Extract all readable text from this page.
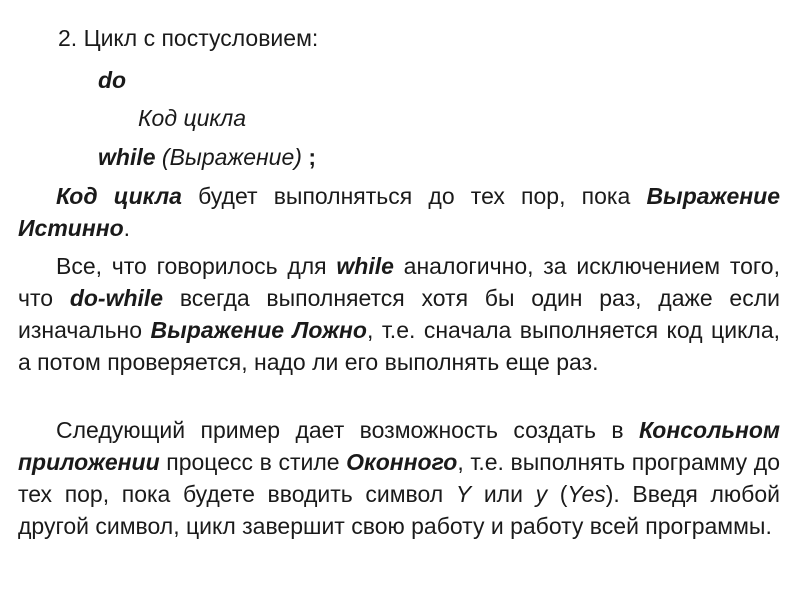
2. Цикл с постусловием:
do
Код цикла
while (Выражение) ;

Код цикла будет выполняться до тех пор, пока Выражение Истинно.

Все, что говорилось для while аналогично, за исключением того, что do-while всегда выполняется хотя бы один раз, даже если изначально Выражение Ложно, т.е. сначала выполняется код цикла, а потом проверяется, надо ли его выполнять еще раз.

Следующий пример дает возможность создать в Консольном приложении процесс в стиле Оконного, т.е. выполнять программу до тех пор, пока будете вводить символ Y или y (Yes). Введя любой другой символ, цикл завершит свою работу и работу всей программы.
